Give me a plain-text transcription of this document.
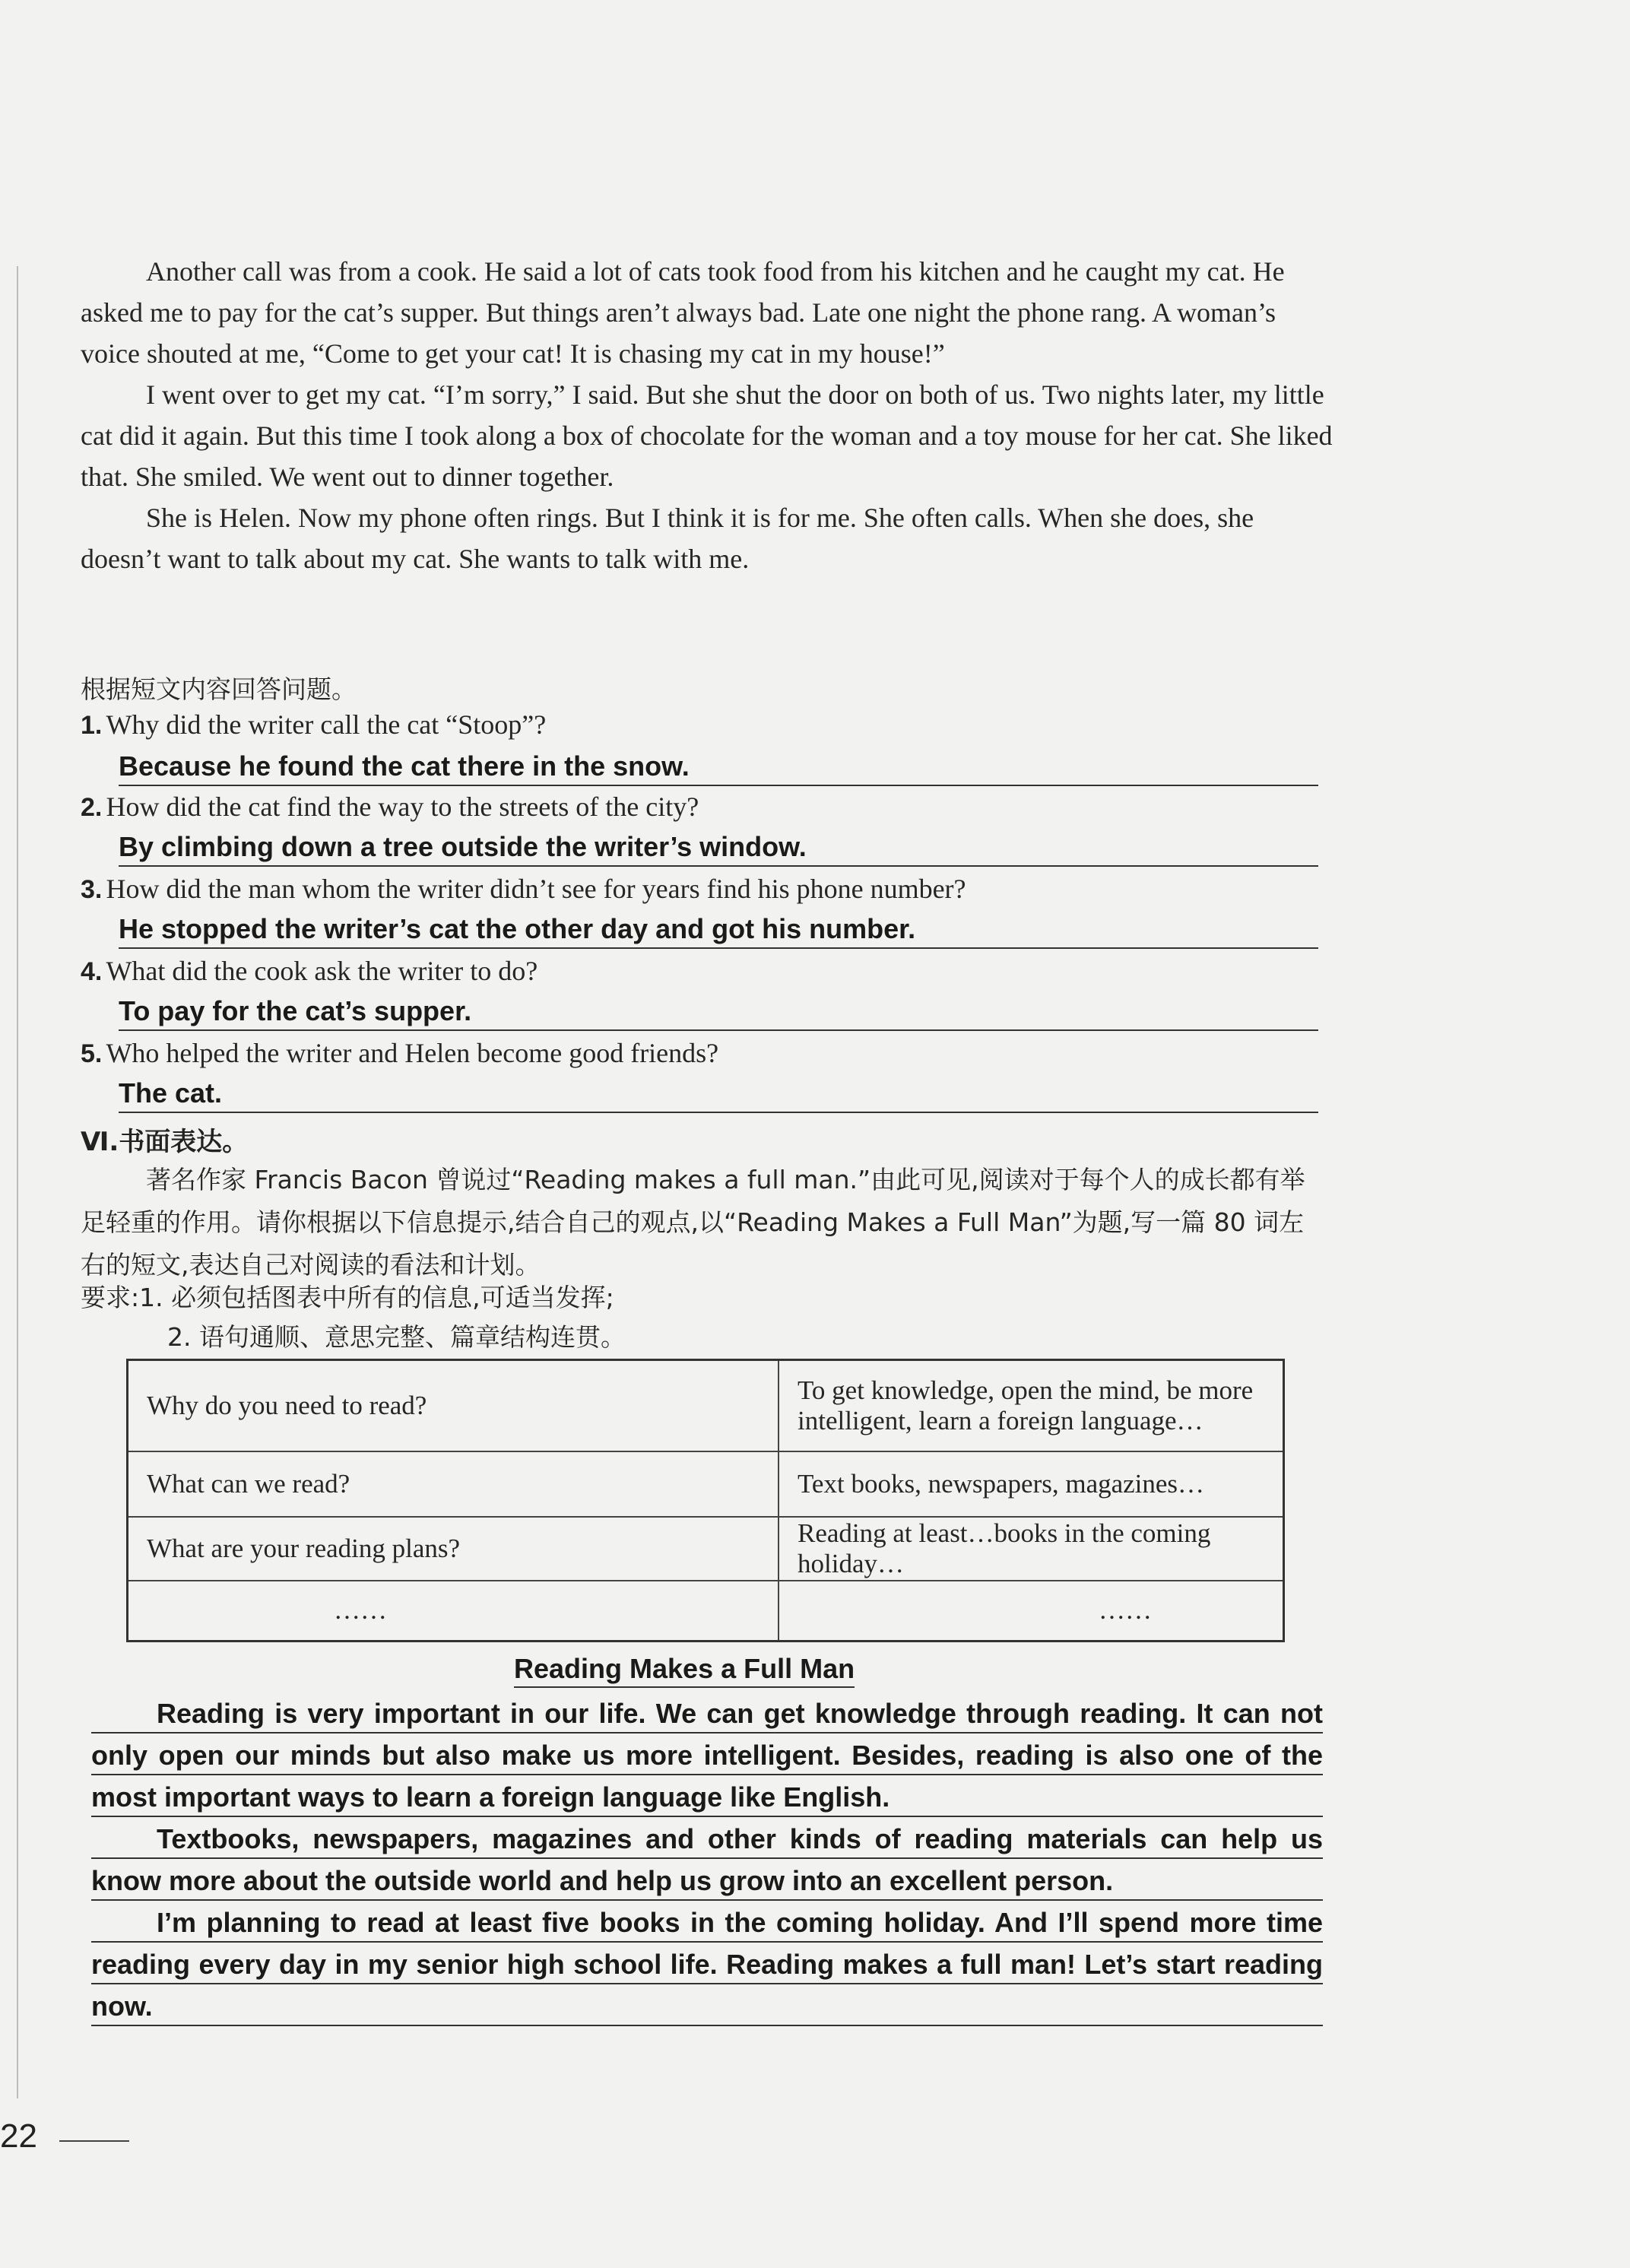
Another call was from a cook. He said a lot of cats took food from his kitchen and he caught my cat. He asked me to pay for the cat’s supper. But things aren’t always bad. Late one night the phone rang. A woman’s voice shouted at me, “Come to get your cat! It is chasing my cat in my house!”

I went over to get my cat. “I’m sorry,” I said. But she shut the door on both of us. Two nights later, my little cat did it again. But this time I took along a box of chocolate for the woman and a toy mouse for her cat. She liked that. She smiled. We went out to dinner together.

She is Helen. Now my phone often rings. But I think it is for me. She often calls. When she does, she doesn’t want to talk about my cat. She wants to talk with me.

根据短文内容回答问题。
1. Why did the writer call the cat “Stoop”?
Because he found the cat there in the snow.
2. How did the cat find the way to the streets of the city?
By climbing down a tree outside the writer’s window.
3. How did the man whom the writer didn’t see for years find his phone number?
He stopped the writer’s cat the other day and got his number.
4. What did the cook ask the writer to do?
To pay for the cat’s supper.
5. Who helped the writer and Helen become good friends?
The cat.
Ⅵ.书面表达。
著名作家 Francis Bacon 曾说过“Reading makes a full man.”由此可见,阅读对于每个人的成长都有举足轻重的作用。请你根据以下信息提示,结合自己的观点,以“Reading Makes a Full Man”为题,写一篇 80 词左右的短文,表达自己对阅读的看法和计划。
要求:1. 必须包括图表中所有的信息,可适当发挥;
2. 语句通顺、意思完整、篇章结构连贯。
Why do you need to read?	To get knowledge, open the mind, be more intelligent, learn a foreign language…
What can we read?	Text books, newspapers, magazines…
What are your reading plans?	Reading at least…books in the coming holiday…
……	……
Reading Makes a Full Man

Reading is very important in our life. We can get knowledge through reading. It can not only open our minds but also make us more intelligent. Besides, reading is also one of the most important ways to learn a foreign language like English.

Textbooks, newspapers, magazines and other kinds of reading materials can help us know more about the outside world and help us grow into an excellent person.

I’m planning to read at least five books in the coming holiday. And I’ll spend more time reading every day in my senior high school life. Reading makes a full man! Let’s start reading now.

22
